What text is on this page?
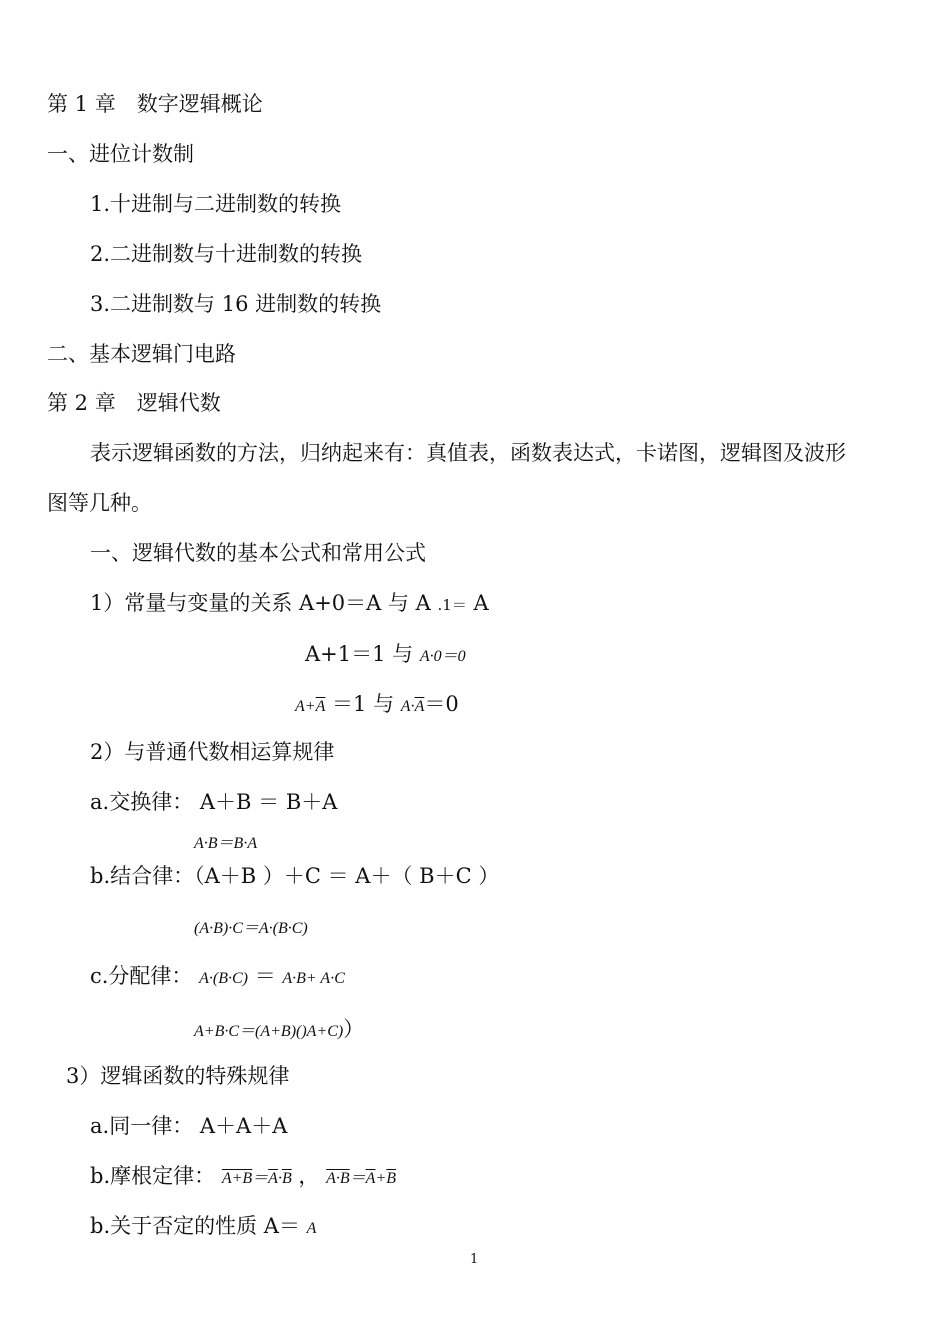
第 1 章　数字逻辑概论
一、进位计数制
1.十进制与二进制数的转换
2.二进制数与十进制数的转换
3.二进制数与 16 进制数的转换
二、基本逻辑门电路
第 2 章　逻辑代数
表示逻辑函数的方法，归纳起来有：真值表，函数表达式，卡诺图，逻辑图及波形
图等几种。
一、逻辑代数的基本公式和常用公式
1）常量与变量的关系 A+0＝A 与 A .1＝ A
A+1＝1 与 A·0＝0
$A+\overline{A} =1$ 与 $A\cdot\overline{A}=0$
2）与普通代数相运算规律
a.交换律： A＋B ＝ B＋A
A·B＝B·A
b.结合律：（A＋B ）＋C ＝ A＋（ B＋C ）
(A·B)·C＝A·(B·C)
c.分配律： A·(B·C) ＝ A·B+ A·C
A+B·C＝(A+B)()A+C)）
3）逻辑函数的特殊规律
a.同一律： A＋A＋A
b.摩根定律： $A+B=\overline{A}\cdot\overline{B}$ ， $A\cdot B=\overline{A}+\overline{B}$
b.关于否定的性质 A＝ A
1
